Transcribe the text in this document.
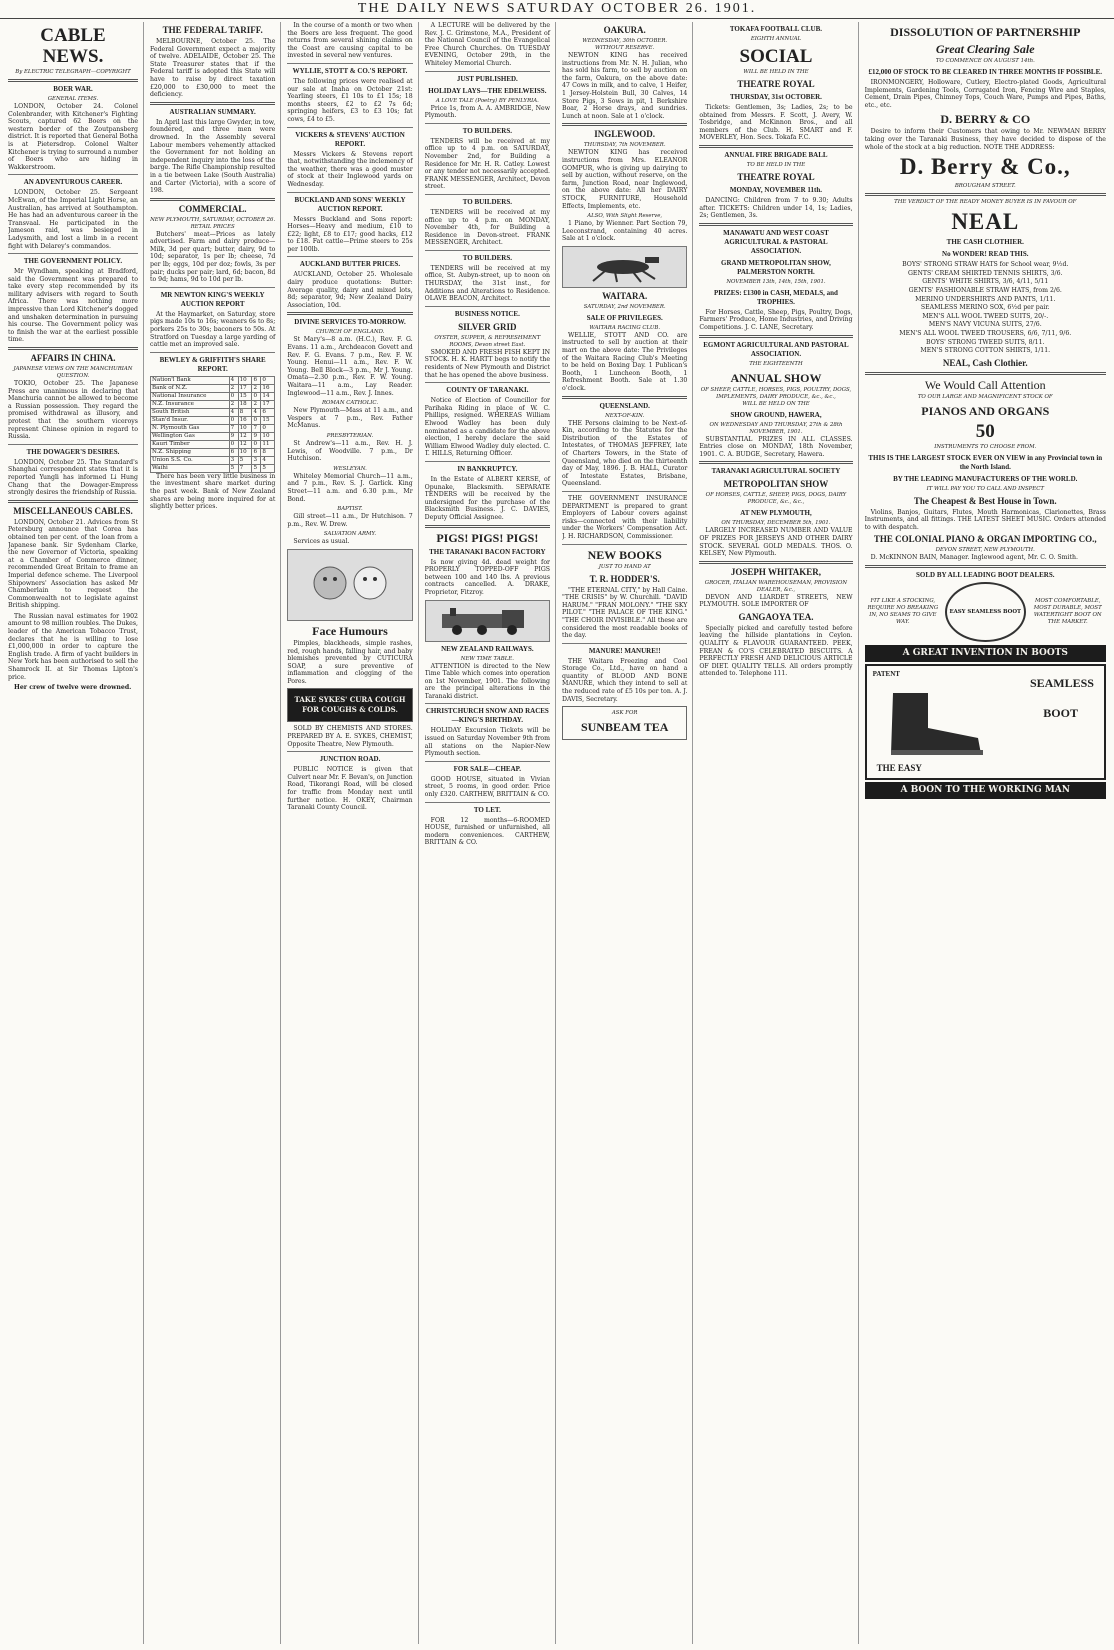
THE DAILY NEWS SATURDAY OCTOBER 26. 1901.
CABLE NEWS.
By ELECTRIC TELEGRAPH—COPYRIGHT
BOER WAR.
GENERAL ITEMS.

LONDON, October 24. Colonel Colenbrander, with Kitchener's Fighting Scouts, captured 62 Boers on the western border of the Zoutpansberg district. It is reported that General Botha is at Pietersdrop. Colonel Walter Kitchener is trying to surround a number of Boers who are hiding in Wakkerstroom.

AN ADVENTUROUS CAREER.

LONDON, October 25. Sergeant McEwan, of the Imperial Light Horse, an Australian, has arrived at Southampton. He has had an adventurous career in the Transvaal. He participated in the Jameson raid, was besieged in Ladysmith, and lost a limb in a recent fight with Delarey's commandos.

THE GOVERNMENT POLICY.

Mr Wyndham, speaking at Bradford, said the Government was prepared to take every step recommended by its military advisers with regard to South Africa. There was nothing more impressive than Lord Kitchener's dogged and unshaken determination in pursuing his course. The Government policy was to finish the war at the earliest possible time.

AFFAIRS IN CHINA.
JAPANESE VIEWS ON THE MANCHURIAN QUESTION.

TOKIO, October 25. The Japanese Press are unanimous in declaring that Manchuria cannot be allowed to become a Russian possession. They regard the promised withdrawal as illusory, and protest that the southern viceroys represent Chinese opinion in regard to Russia.

THE DOWAGER'S DESIRES.

LONDON, October 25. The Standard's Shanghai correspondent states that it is reported Yungli has informed Li Hung Chang that the Dowager-Empress strongly desires the friendship of Russia.

MISCELLANEOUS CABLES.

LONDON, October 21. Advices from St Petersburg announce that Corea has obtained ten per cent. of the loan from a Japanese bank. Sir Sydenham Clarke, the new Governor of Victoria, speaking at a Chamber of Commerce dinner, recommended Great Britain to frame an Imperial defence scheme. The Liverpool Shipowners' Association has asked Mr Chamberlain to request the Commonwealth not to legislate against British shipping.

The Russian naval estimates for 1902 amount to 98 million roubles. The Dukes, leader of the American Tobacco Trust, declares that he is willing to lose £1,000,000 in order to capture the English trade. A firm of yacht builders in New York has been authorised to sell the Shamrock II. at Sir Thomas Lipton's price.

Her crew of twelve were drowned.

THE FEDERAL TARIFF.

MELBOURNE, October 25. The Federal Government expect a majority of twelve. ADELAIDE, October 25. The State Treasurer states that if the Federal tariff is adopted this State will have to raise by direct taxation £20,000 to £30,000 to meet the deficiency.

AUSTRALIAN SUMMARY.

In April last this large Gwyder, in tow, foundered, and three men were drowned. In the Assembly several Labour members vehemently attacked the Government for not holding an independent inquiry into the loss of the barge. The Rifle Championship resulted in a tie between Lake (South Australia) and Carter (Victoria), with a score of 198.

COMMERCIAL.
NEW PLYMOUTH, SATURDAY, OCTOBER 26.
RETAIL PRICES

Butchers' meat—Prices as lately advertised. Farm and dairy produce—Milk, 3d per quart; butter, dairy, 9d to 10d; separator, 1s per lb; cheese, 7d per lb; eggs, 10d per doz; fowls, 3s per pair; ducks per pair; lard, 6d; bacon, 8d to 9d; hams, 9d to 10d per lb.

MR NEWTON KING'S WEEKLY AUCTION REPORT

At the Haymarket, on Saturday, store pigs made 10s to 16s; weaners 6s to 8s; porkers 25s to 30s; baconers to 50s. At Stratford on Tuesday a large yarding of cattle met an improved sale.

BEWLEY & GRIFFITH'S SHARE REPORT.
Nation'l Bank	4	10	6	0
Bank of N.Z.	2	17	2	16
National Insurance	0	15	0	14
N.Z. Insurance	2	18	2	17
South British	4	8	4	6
Stan'd Insur.	0	16	0	15
N. Plymouth Gas	7	10	7	0
Wellington Gas	9	12	9	10
Kauri Timber	0	12	0	11
N.Z. Shipping	6	10	6	8
Union S.S. Co.	3	5	3	4
Waihi	5	7	5	5

There has been very little business in the investment share market during the past week. Bank of New Zealand shares are being more inquired for at slightly better prices.

In the course of a month or two when the Boers are less frequent. The good returns from several shining claims on the Coast are causing capital to be invested in several new ventures.

WYLLIE, STOTT & CO.'S REPORT.

The following prices were realised at our sale at Inaha on October 21st: Yearling steers, £1 10s to £1 15s; 18 months steers, £2 to £2 7s 6d; springing heifers, £3 to £3 10s; fat cows, £4 to £5.

VICKERS & STEVENS' AUCTION REPORT.

Messrs Vickers & Stevens report that, notwithstanding the inclemency of the weather, there was a good muster of stock at their Inglewood yards on Wednesday.

BUCKLAND AND SONS' WEEKLY AUCTION REPORT.

Messrs Buckland and Sons report: Horses—Heavy and medium, £10 to £22; light, £8 to £17; good hacks, £12 to £18. Fat cattle—Prime steers to 25s per 100lb.

AUCKLAND BUTTER PRICES.

AUCKLAND, October 25. Wholesale dairy produce quotations: Butter: Average quality, dairy and mixed lots, 8d; separator, 9d; New Zealand Dairy Association, 10d.

DIVINE SERVICES TO-MORROW.
CHURCH OF ENGLAND.

St Mary's—8 a.m. (H.C.), Rev. F. G. Evans. 11 a.m., Archdeacon Govett and Rev. F. G. Evans. 7 p.m., Rev. F. W. Young. Henui—11 a.m., Rev. F. W. Young. Bell Block—3 p.m., Mr J. Young. Omata—2.30 p.m., Rev. F. W. Young. Waitara—11 a.m., Lay Reader. Inglewood—11 a.m., Rev. J. Innes.

ROMAN CATHOLIC.

New Plymouth—Mass at 11 a.m., and Vespers at 7 p.m., Rev. Father McManus.

PRESBYTERIAN.

St Andrew's—11 a.m., Rev. H. J. Lewis, of Woodville. 7 p.m., Dr Hutchison.

WESLEYAN.

Whiteley Memorial Church—11 a.m., and 7 p.m., Rev. S. J. Garlick. King Street—11 a.m. and 6.30 p.m., Mr Bond.

BAPTIST.

Gill street—11 a.m., Dr Hutchison. 7 p.m., Rev. W. Drew.

SALVATION ARMY.

Services as usual.

Face Humours

Pimples, blackheads, simple rashes, red, rough hands, falling hair, and baby blemishes prevented by CUTICURA SOAP, a sure preventive of inflammation and clogging of the Pores.

TAKE SYKES' CURA COUGH FOR COUGHS & COLDS.

SOLD BY CHEMISTS AND STORES. PREPARED BY A. E. SYKES, CHEMIST, Opposite Theatre, New Plymouth.

JUNCTION ROAD.

PUBLIC NOTICE is given that Culvert near Mr. F. Bevan's, on Junction Road, Tikorangi Road, will be closed for traffic from Monday next until further notice. H. OKEY, Chairman Taranaki County Council.

A LECTURE will be delivered by the Rev. J. C. Grimstone, M.A., President of the National Council of the Evangelical Free Church Churches. On TUESDAY EVENING, October 29th, in the Whiteley Memorial Church.

JUST PUBLISHED.
HOLIDAY LAYS—THE EDELWEISS.
A LOVE TALE (Poetry) BY PENLYRIA.

Price 1s, from A. A. AMBRIDGE, New Plymouth.

TO BUILDERS.

TENDERS will be received at my office up to 4 p.m. on SATURDAY, November 2nd, for Building a Residence for Mr. H. R. Catley. Lowest or any tender not necessarily accepted. FRANK MESSENGER, Architect, Devon street.

TO BUILDERS.

TENDERS will be received at my office up to 4 p.m. on MONDAY, November 4th, for Building a Residence in Devon-street. FRANK MESSENGER, Architect.

TO BUILDERS.

TENDERS will be received at my office, St. Aubyn-street, up to noon on THURSDAY, the 31st inst., for Additions and Alterations to Residence. OLAVE BEACON, Architect.

BUSINESS NOTICE.
SILVER GRID
OYSTER, SUPPER, & REFRESHMENT ROOMS, Devon street East.

SMOKED AND FRESH FISH KEPT IN STOCK. H. K. HARTT begs to notify the residents of New Plymouth and District that he has opened the above business.

COUNTY OF TARANAKI.

Notice of Election of Councillor for Parihaka Riding in place of W. C. Phillips, resigned. WHEREAS William Elwood Wadley has been duly nominated as a candidate for the above election, I hereby declare the said William Elwood Wadley duly elected. C. T. HILLS, Returning Officer.

IN BANKRUPTCY.

In the Estate of ALBERT KERSE, of Opunake, Blacksmith. SEPARATE TENDERS will be received by the undersigned for the purchase of the Blacksmith Business. J. C. DAVIES, Deputy Official Assignee.

PIGS! PIGS! PIGS!
THE TARANAKI BACON FACTORY

Is now giving 4d. dead weight for PROPERLY TOPPED-OFF PIGS between 100 and 140 lbs. A previous contracts cancelled. A. DRAKE, Proprietor, Fitzroy.

NEW ZEALAND RAILWAYS.
NEW TIME TABLE.

ATTENTION is directed to the New Time Table which comes into operation on 1st November, 1901. The following are the principal alterations in the Taranaki district.

CHRISTCHURCH SNOW AND RACES—KING'S BIRTHDAY.

HOLIDAY Excursion Tickets will be issued on Saturday November 9th from all stations on the Napier-New Plymouth section.

FOR SALE—CHEAP.

GOOD HOUSE, situated in Vivian street, 5 rooms, in good order. Price only £320. CARTHEW, BRITTAIN & CO.

TO LET.

FOR 12 months—6-ROOMED HOUSE, furnished or unfurnished, all modern conveniences. CARTHEW, BRITTAIN & CO.

OAKURA.
WEDNESDAY, 30th OCTOBER.
WITHOUT RESERVE.

NEWTON KING has received instructions from Mr. N. H. Julian, who has sold his farm, to sell by auction on the farm, Oakura, on the above date: 47 Cows in milk, and to calve, 1 Heifer, 1 Jersey-Holstein Bull, 30 Calves, 14 Store Pigs, 3 Sows in pit, 1 Berkshire Boar, 2 Horse drays, and sundries. Lunch at noon. Sale at 1 o'clock.

INGLEWOOD.
THURSDAY, 7th NOVEMBER.

NEWTON KING has received instructions from Mrs. ELEANOR GOMPUR, who is giving up dairying to sell by auction, without reserve, on the farm, Junction Road, near Inglewood, on the above date: All her DAIRY STOCK, FURNITURE, Household Effects, Implements, etc.

ALSO, With Slight Reserve,

1 Piano, by Wienner. Part Section 79, Leeconstrand, containing 40 acres. Sale at 1 o'clock.

WAITARA.
SATURDAY, 2nd NOVEMBER.
SALE OF PRIVILEGES.
WAITARA RACING CLUB.

WELLIE, STOTT AND CO. are instructed to sell by auction at their mart on the above date: The Privileges of the Waitara Racing Club's Meeting to be held on Boxing Day. 1 Publican's Booth, 1 Luncheon Booth, 1 Refreshment Booth. Sale at 1.30 o'clock.

QUEENSLAND.
NEXT-OF-KIN.

THE Persons claiming to be Next-of-Kin, according to the Statutes for the Distribution of the Estates of Intestates, of THOMAS JEFFREY, late of Charters Towers, in the State of Queensland, who died on the thirteenth day of May, 1896. J. B. HALL, Curator of Intestate Estates, Brisbane, Queensland.

THE GOVERNMENT INSURANCE DEPARTMENT is prepared to grant Employers of Labour covers against risks—connected with their liability under the Workers' Compensation Act. J. H. RICHARDSON, Commissioner.

NEW BOOKS
JUST TO HAND AT
T. R. HODDER'S.

"THE ETERNAL CITY," by Hall Caine. "THE CRISIS" by W. Churchill. "DAVID HARUM." "FRAN MOLONY." "THE SKY PILOT." "THE PALACE OF THE KING." "THE CHOIR INVISIBLE." All these are considered the most readable books of the day.

MANURE! MANURE!!

THE Waitara Freezing and Cool Storage Co., Ltd., have on hand a quantity of BLOOD AND BONE MANURE, which they intend to sell at the reduced rate of £5 10s per ton. A. J. DAVIS, Secretary.

ASK FOR
SUNBEAM TEA
TOKAFA FOOTBALL CLUB.
EIGHTH ANNUAL
SOCIAL
WILL BE HELD IN THE
THEATRE ROYAL
THURSDAY, 31st OCTOBER.

Tickets: Gentlemen, 3s; Ladies, 2s; to be obtained from Messrs. F. Scott, J. Avery, W. Tosbridge, and McKinnon Bros., and all members of the Club. H. SMART and F. MOVERLEY, Hon. Secs. Tokafa F.C.

ANNUAL FIRE BRIGADE BALL
TO BE HELD IN THE
THEATRE ROYAL
MONDAY, NOVEMBER 11th.

DANCING: Children from 7 to 9.30; Adults after. TICKETS: Children under 14, 1s; Ladies, 2s; Gentlemen, 3s.

MANAWATU AND WEST COAST AGRICULTURAL & PASTORAL ASSOCIATION.
GRAND METROPOLITAN SHOW, PALMERSTON NORTH.
NOVEMBER 13th, 14th, 15th, 1901.
PRIZES: £1300 in CASH, MEDALS, and TROPHIES.

For Horses, Cattle, Sheep, Pigs, Poultry, Dogs, Farmers' Produce, Home Industries, and Driving Competitions. J. C. LANE, Secretary.

EGMONT AGRICULTURAL AND PASTORAL ASSOCIATION.
THE EIGHTEENTH
ANNUAL SHOW
OF SHEEP, CATTLE, HORSES, PIGS, POULTRY, DOGS, IMPLEMENTS, DAIRY PRODUCE, &c., &c.,
WILL BE HELD ON THE
SHOW GROUND, HAWERA,
ON WEDNESDAY AND THURSDAY, 27th & 28th NOVEMBER, 1901.

SUBSTANTIAL PRIZES IN ALL CLASSES. Entries close on MONDAY, 18th November, 1901. C. A. BUDGE, Secretary, Hawera.

TARANAKI AGRICULTURAL SOCIETY
METROPOLITAN SHOW
OF HORSES, CATTLE, SHEEP, PIGS, DOGS, DAIRY PRODUCE, &c., &c.,
AT NEW PLYMOUTH,
ON THURSDAY, DECEMBER 5th, 1901.

LARGELY INCREASED NUMBER AND VALUE OF PRIZES FOR JERSEYS AND OTHER DAIRY STOCK. SEVERAL GOLD MEDALS. THOS. O. KELSEY, New Plymouth.

JOSEPH WHITAKER,
GROCER, ITALIAN WAREHOUSEMAN, PROVISION DEALER, &c.,

DEVON AND LIARDET STREETS, NEW PLYMOUTH. SOLE IMPORTER OF

GANGAOYA TEA.

Specially picked and carefully tested before leaving the hillside plantations in Ceylon. QUALITY & FLAVOUR GUARANTEED. PEEK, FREAN & CO'S CELEBRATED BISCUITS. A PERFECTLY FRESH AND DELICIOUS ARTICLE OF DIET. QUALITY TELLS. All orders promptly attended to. Telephone 111.

DISSOLUTION OF PARTNERSHIP
Great Clearing Sale
TO COMMENCE ON AUGUST 14th.
£12,000 OF STOCK TO BE CLEARED IN THREE MONTHS IF POSSIBLE.

IRONMONGERY, Holloware, Cutlery, Electro-plated Goods, Agricultural Implements, Gardening Tools, Corrugated Iron, Fencing Wire and Staples, Cement, Drain Pipes, Chimney Tops, Couch Ware, Pumps and Pipes, Baths, etc., etc.

D. BERRY & CO

Desire to inform their Customers that owing to Mr. NEWMAN BERRY taking over the Taranaki Business, they have decided to dispose of the whole of the stock at a big reduction. NOTE THE ADDRESS:

D. Berry & Co.,
BROUGHAM STREET.
THE VERDICT OF THE READY MONEY BUYER IS IN FAVOUR OF
NEAL
THE CASH CLOTHIER.
No WONDER! READ THIS.
BOYS' STRONG STRAW HATS for School wear, 9½d.
GENTS' CREAM SHIRTED TENNIS SHIRTS, 3/6.
GENTS' WHITE SHIRTS, 3/6, 4/11, 5/11
GENTS' FASHIONABLE STRAW HATS, from 2/6.
MERINO UNDERSHIRTS AND PANTS, 1/11.
SEAMLESS MERINO SOX, 6½d per pair.
MEN'S ALL WOOL TWEED SUITS, 20/-.
MEN'S NAVY VICUNA SUITS, 27/6.
MEN'S ALL WOOL TWEED TROUSERS, 6/6, 7/11, 9/6.
BOYS' STRONG TWEED SUITS, 8/11.
MEN'S STRONG COTTON SHIRTS, 1/11.
NEAL, Cash Clothier.
We Would Call Attention
TO OUR LARGE AND MAGNIFICENT STOCK OF
PIANOS AND ORGANS
50
INSTRUMENTS TO CHOOSE FROM.
THIS IS THE LARGEST STOCK EVER ON VIEW in any Provincial town in the North Island.
BY THE LEADING MANUFACTURERS OF THE WORLD.
IT WILL PAY YOU TO CALL AND INSPECT
The Cheapest & Best House in Town.

Violins, Banjos, Guitars, Flutes, Mouth Harmonicas, Clarionettes, Brass Instruments, and all fittings. THE LATEST SHEET MUSIC. Orders attended to with despatch.

THE COLONIAL PIANO & ORGAN IMPORTING CO.,
DEVON STREET, NEW PLYMOUTH.

D. McKINNON BAIN, Manager. Inglewood agent, Mr. C. O. Smith.

SOLD BY ALL LEADING BOOT DEALERS.
FIT LIKE A STOCKING, REQUIRE NO BREAKING IN, NO SEAMS TO GIVE WAY.
EASY SEAMLESS BOOT
MOST COMFORTABLE, MOST DURABLE, MOST WATERTIGHT BOOT ON THE MARKET.
A GREAT INVENTION IN BOOTS
PATENT
SEAMLESS
BOOT
THE EASY
A BOON TO THE WORKING MAN
